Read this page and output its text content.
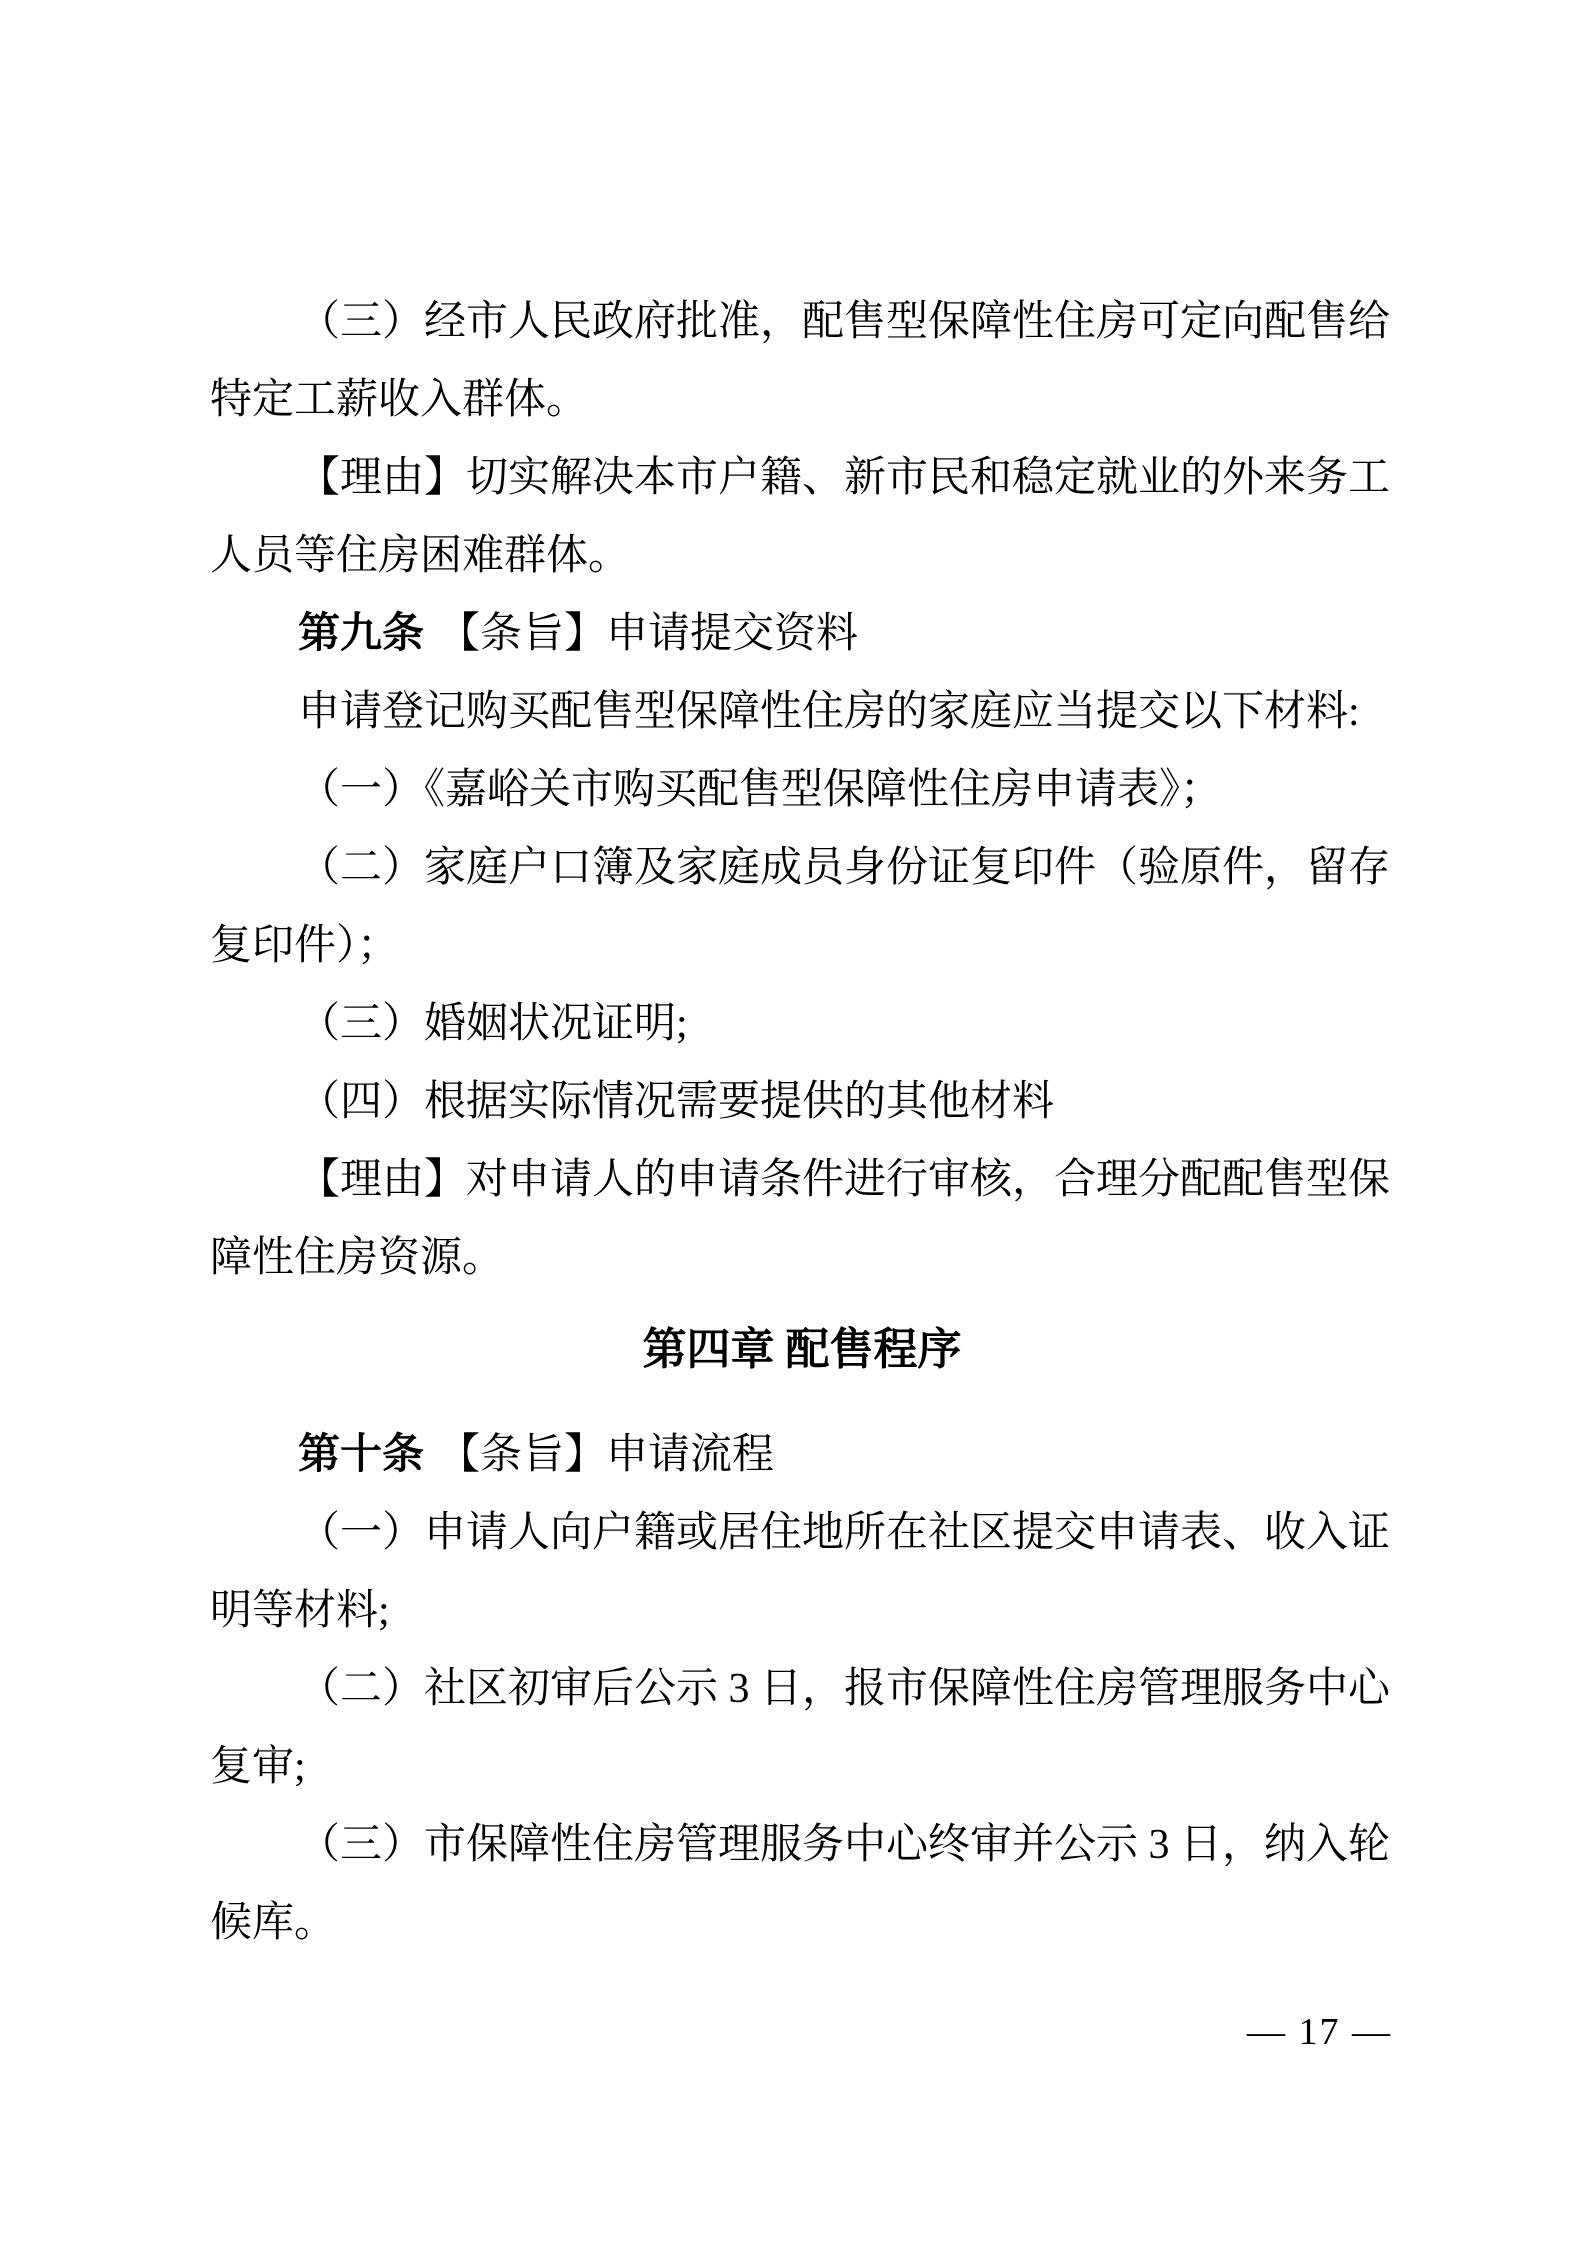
（三）经市人民政府批准，配售型保障性住房可定向配售给
特定工薪收入群体。
【理由】切实解决本市户籍、新市民和稳定就业的外来务工
人员等住房困难群体。
第九条 【条旨】申请提交资料
申请登记购买配售型保障性住房的家庭应当提交以下材料:
（一）《嘉峪关市购买配售型保障性住房申请表》；
（二）家庭户口簿及家庭成员身份证复印件（验原件，留存
复印件）；
（三）婚姻状况证明;
（四）根据实际情况需要提供的其他材料
【理由】对申请人的申请条件进行审核，合理分配配售型保
障性住房资源。
第四章 配售程序
第十条 【条旨】申请流程
（一）申请人向户籍或居住地所在社区提交申请表、收入证
明等材料;
（二）社区初审后公示 3 日，报市保障性住房管理服务中心
复审;
（三）市保障性住房管理服务中心终审并公示 3 日，纳入轮
候库。
— 17 —
